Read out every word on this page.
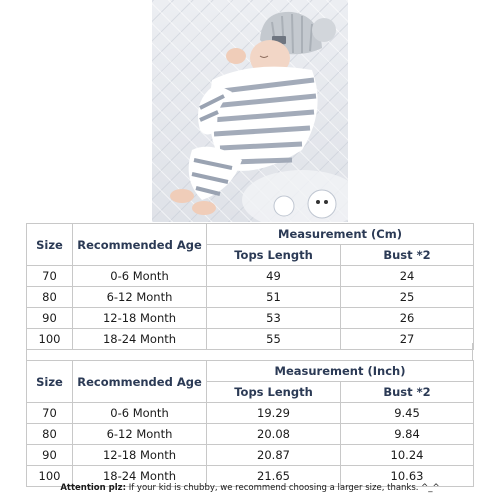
Size	Recommended Age	Measurement (Cm)	
		Tops Length	Bust *2
70	0-6 Month	49	24
80	6-12 Month	51	25
90	12-18 Month	53	26
100	18-24 Month	55	27
Size	Recommended Age	Measurement (Inch)	
		Tops Length	Bust *2
70	0-6 Month	19.29	9.45
80	6-12 Month	20.08	9.84
90	12-18 Month	20.87	10.24
100	18-24 Month	21.65	10.63
Attention plz: If your kid is chubby, we recommend choosing a larger size, thanks. ^_^
